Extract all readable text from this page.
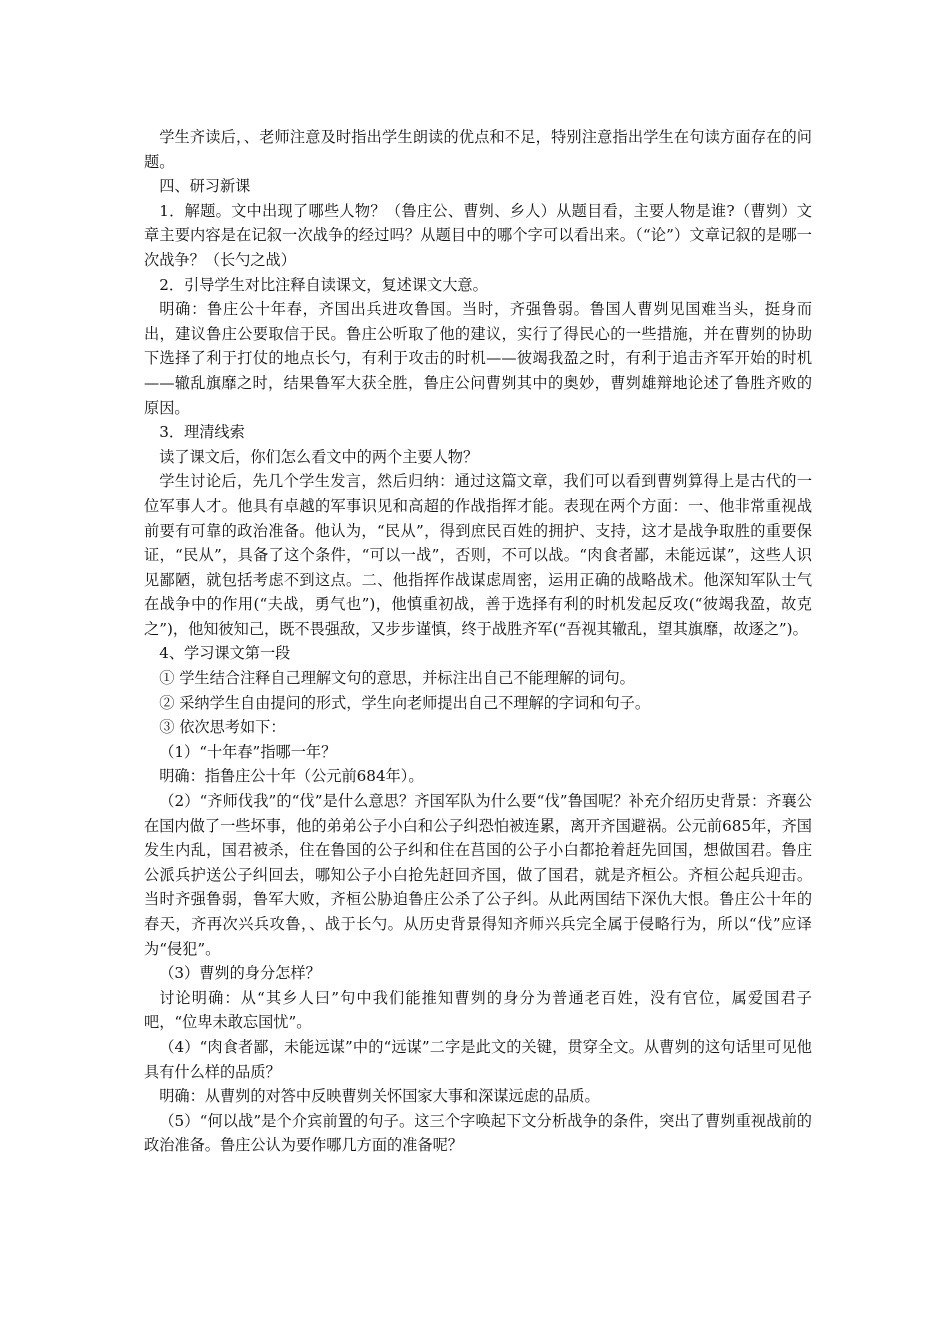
学生齐读后，、老师注意及时指出学生朗读的优点和不足，特别注意指出学生在句读方面存在的问题。

四、研习新课

1．解题。文中出现了哪些人物？（鲁庄公、曹刿、乡人）从题目看，主要人物是谁?（曹刿）文章主要内容是在记叙一次战争的经过吗？从题目中的哪个字可以看出来。（“论”）文章记叙的是哪一次战争？（长勺之战）

2．引导学生对比注释自读课文，复述课文大意。

明确：鲁庄公十年春，齐国出兵进攻鲁国。当时，齐强鲁弱。鲁国人曹刿见国难当头，挺身而出，建议鲁庄公要取信于民。鲁庄公听取了他的建议，实行了得民心的一些措施，并在曹刿的协助下选择了利于打仗的地点长勺，有利于攻击的时机——彼竭我盈之时，有利于追击齐军开始的时机——辙乱旗靡之时，结果鲁军大获全胜，鲁庄公问曹刿其中的奥妙，曹刿雄辩地论述了鲁胜齐败的原因。

3．理清线索

读了课文后，你们怎么看文中的两个主要人物？

学生讨论后，先几个学生发言，然后归纳：通过这篇文章，我们可以看到曹刿算得上是古代的一位军事人才。他具有卓越的军事识见和高超的作战指挥才能。表现在两个方面：一、他非常重视战前要有可靠的政治准备。他认为，“民从”，得到庶民百姓的拥护、支持，这才是战争取胜的重要保证，“民从”，具备了这个条件，“可以一战”，否则，不可以战。“肉食者鄙，未能远谋”，这些人识见鄙陋，就包括考虑不到这点。二、他指挥作战谋虑周密，运用正确的战略战术。他深知军队士气在战争中的作用(“夫战，勇气也”)，他慎重初战，善于选择有利的时机发起反攻(“彼竭我盈，故克之”)，他知彼知己，既不畏强敌，又步步谨慎，终于战胜齐军(“吾视其辙乱，望其旗靡，故逐之”)。

4、学习课文第一段

① 学生结合注释自己理解文句的意思，并标注出自己不能理解的词句。

② 采纳学生自由提问的形式，学生向老师提出自己不理解的字词和句子。

③ 依次思考如下：

（1）“十年春”指哪一年？

明确：指鲁庄公十年（公元前684年）。

（2）“齐师伐我”的“伐”是什么意思？齐国军队为什么要“伐”鲁国呢？补充介绍历史背景：齐襄公在国内做了一些坏事，他的弟弟公子小白和公子纠恐怕被连累，离开齐国避祸。公元前685年，齐国发生内乱，国君被杀，住在鲁国的公子纠和住在莒国的公子小白都抢着赶先回国，想做国君。鲁庄公派兵护送公子纠回去，哪知公子小白抢先赶回齐国，做了国君，就是齐桓公。齐桓公起兵迎击。当时齐强鲁弱，鲁军大败，齐桓公胁迫鲁庄公杀了公子纠。从此两国结下深仇大恨。鲁庄公十年的春天，齐再次兴兵攻鲁，、战于长勺。从历史背景得知齐师兴兵完全属于侵略行为，所以“伐”应译为“侵犯”。

（3）曹刿的身分怎样？

讨论明确：从“其乡人曰”句中我们能推知曹刿的身分为普通老百姓，没有官位，属爱国君子吧，“位卑未敢忘国忧”。

（4）“肉食者鄙，未能远谋”中的“远谋”二字是此文的关键，贯穿全文。从曹刿的这句话里可见他具有什么样的品质？

明确：从曹刿的对答中反映曹刿关怀国家大事和深谋远虑的品质。

（5）“何以战”是个介宾前置的句子。这三个字唤起下文分析战争的条件，突出了曹刿重视战前的政治准备。鲁庄公认为要作哪几方面的准备呢？
